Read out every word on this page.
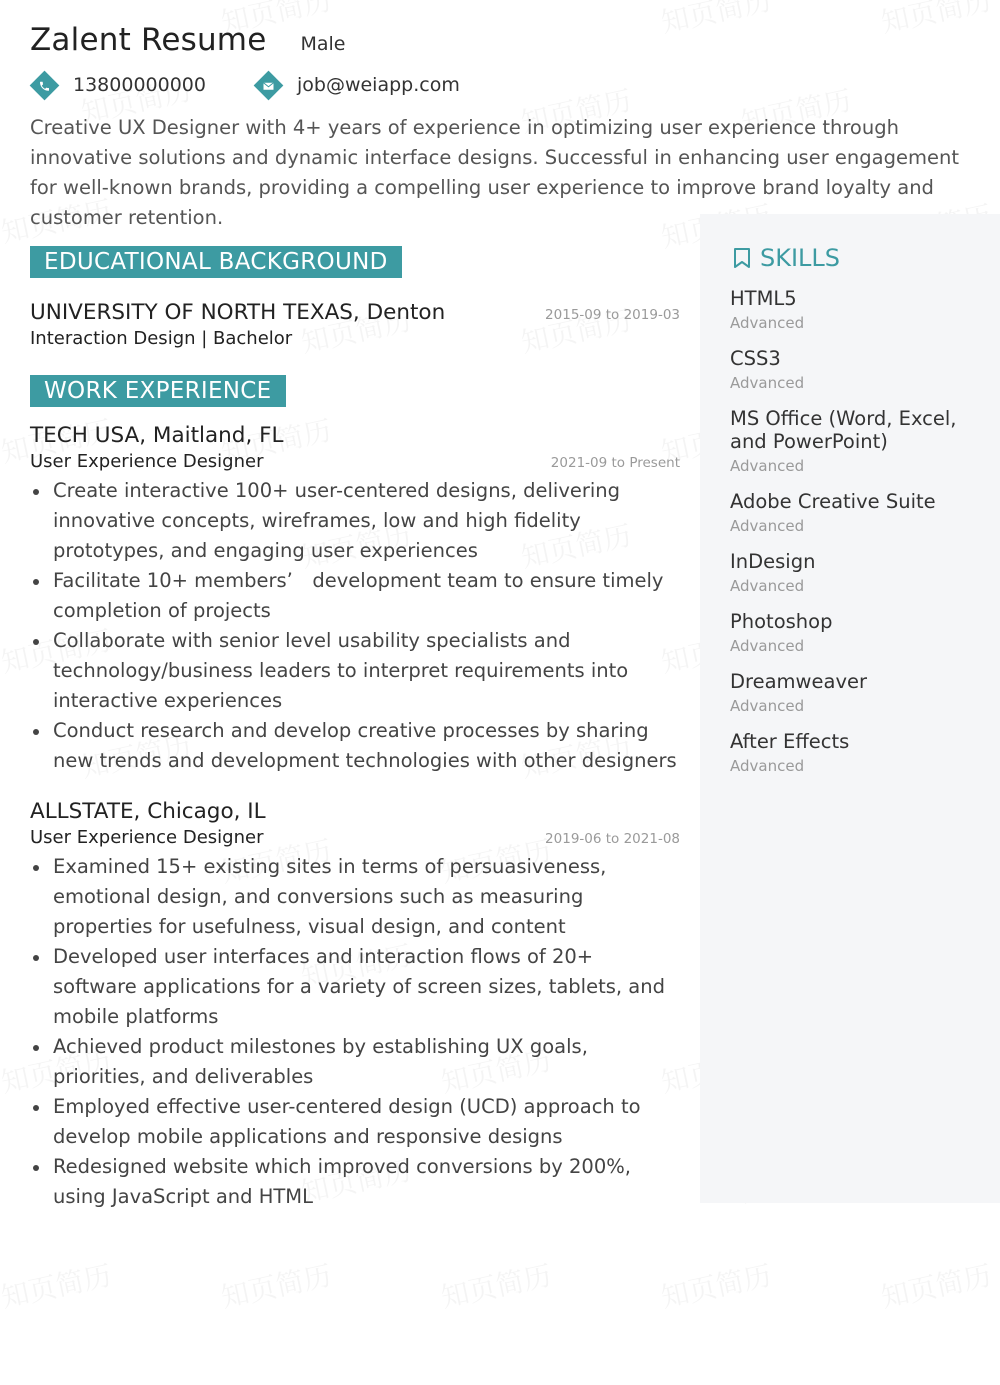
Zalent Resume Male
13800000000	job@weiapp.com
Creative UX Designer with 4+ years of experience in optimizing user experience through innovative solutions and dynamic interface designs. Successful in enhancing user engagement for well-known brands, providing a compelling user experience to improve brand loyalty and customer retention.
EDUCATIONAL BACKGROUND
UNIVERSITY OF NORTH TEXAS, Denton	2015-09 to 2019-03
Interaction Design | Bachelor
WORK EXPERIENCE
TECH USA, Maitland, FL
User Experience Designer	2021-09 to Present
Create interactive 100+ user-centered designs, delivering innovative concepts, wireframes, low and high fidelity prototypes, and engaging user experiences
Facilitate 10+ members’　development team to ensure timely completion of projects
Collaborate with senior level usability specialists and technology/business leaders to interpret requirements into interactive experiences
Conduct research and develop creative processes by sharing new trends and development technologies with other designers
ALLSTATE, Chicago, IL
User Experience Designer	2019-06 to 2021-08
Examined 15+ existing sites in terms of persuasiveness, emotional design, and conversions such as measuring properties for usefulness, visual design, and content
Developed user interfaces and interaction flows of 20+ software applications for a variety of screen sizes, tablets, and mobile platforms
Achieved product milestones by establishing UX goals, priorities, and deliverables
Employed effective user-centered design (UCD) approach to develop mobile applications and responsive designs
Redesigned website which improved conversions by 200%, using JavaScript and HTML
SKILLS
HTML5
Advanced
CSS3
Advanced
MS Office (Word, Excel, and PowerPoint)
Advanced
Adobe Creative Suite
Advanced
InDesign
Advanced
Photoshop
Advanced
Dreamweaver
Advanced
After Effects
Advanced
